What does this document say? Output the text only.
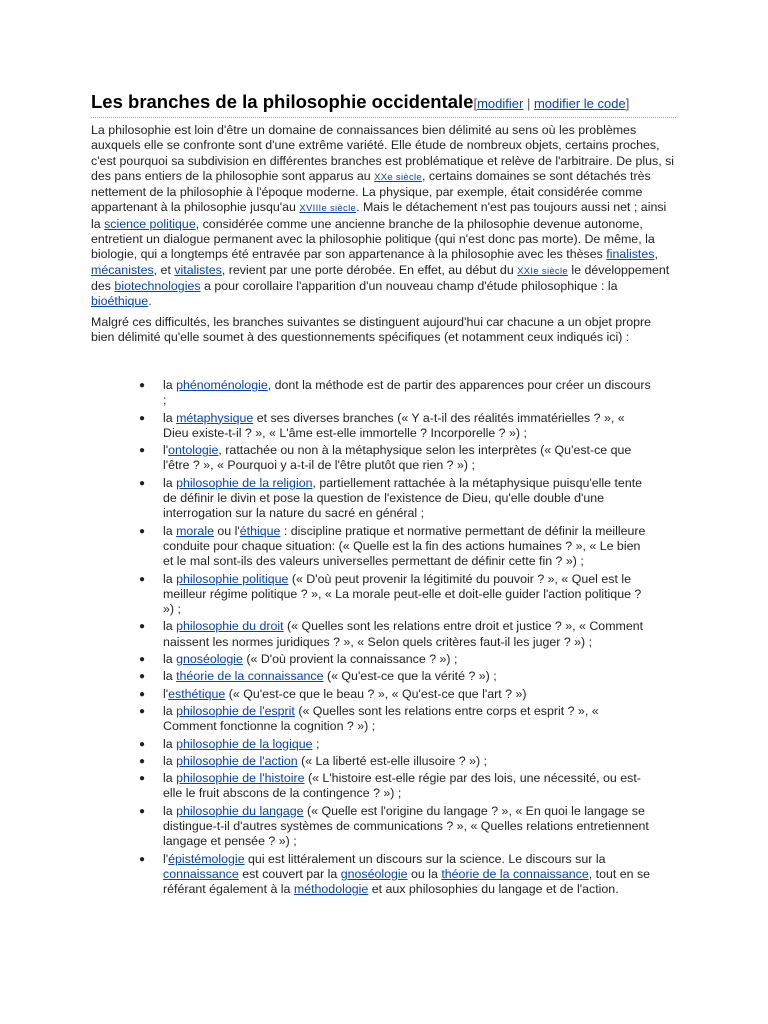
Les branches de la philosophie occidentale[modifier | modifier le code]

La philosophie est loin d'être un domaine de connaissances bien délimité au sens où les problèmes auxquels elle se confronte sont d'une extrême variété. Elle étude de nombreux objets, certains proches, c'est pourquoi sa subdivision en différentes branches est problématique et relève de l'arbitraire. De plus, si des pans entiers de la philosophie sont apparus au XXe siècle, certains domaines se sont détachés très nettement de la philosophie à l'époque moderne. La physique, par exemple, était considérée comme appartenant à la philosophie jusqu'au XVIIIe siècle. Mais le détachement n'est pas toujours aussi net ; ainsi la science politique, considérée comme une ancienne branche de la philosophie devenue autonome, entretient un dialogue permanent avec la philosophie politique (qui n'est donc pas morte). De même, la biologie, qui a longtemps été entravée par son appartenance à la philosophie avec les thèses finalistes, mécanistes, et vitalistes, revient par une porte dérobée. En effet, au début du XXIe siècle le développement des biotechnologies a pour corollaire l'apparition d'un nouveau champ d'étude philosophique : la bioéthique.

Malgré ces difficultés, les branches suivantes se distinguent aujourd'hui car chacune a un objet propre bien délimité qu'elle soumet à des questionnements spécifiques (et notamment ceux indiqués ici) :

● la phénoménologie, dont la méthode est de partir des apparences pour créer un discours ;
● la métaphysique et ses diverses branches (« Y a-t-il des réalités immatérielles ? », « Dieu existe-t-il ? », « L'âme est-elle immortelle ? Incorporelle ? ») ;
● l'ontologie, rattachée ou non à la métaphysique selon les interprètes (« Qu'est-ce que l'être ? », « Pourquoi y a-t-il de l'être plutôt que rien ? ») ;
● la philosophie de la religion, partiellement rattachée à la métaphysique puisqu'elle tente de définir le divin et pose la question de l'existence de Dieu, qu'elle double d'une interrogation sur la nature du sacré en général ;
● la morale ou l'éthique : discipline pratique et normative permettant de définir la meilleure conduite pour chaque situation: (« Quelle est la fin des actions humaines ? », « Le bien et le mal sont-ils des valeurs universelles permettant de définir cette fin ? ») ;
● la philosophie politique (« D'où peut provenir la légitimité du pouvoir ? », « Quel est le meilleur régime politique ? », « La morale peut-elle et doit-elle guider l'action politique ? ») ;
● la philosophie du droit (« Quelles sont les relations entre droit et justice ? », « Comment naissent les normes juridiques ? », « Selon quels critères faut-il les juger ? ») ;
● la gnoséologie (« D'où provient la connaissance ? ») ;
● la théorie de la connaissance (« Qu'est-ce que la vérité ? ») ;
● l'esthétique (« Qu'est-ce que le beau ? », « Qu'est-ce que l'art ? »)
● la philosophie de l'esprit (« Quelles sont les relations entre corps et esprit ? », « Comment fonctionne la cognition ? ») ;
● la philosophie de la logique ;
● la philosophie de l'action (« La liberté est-elle illusoire ? ») ;
● la philosophie de l'histoire (« L'histoire est-elle régie par des lois, une nécessité, ou est-elle le fruit abscons de la contingence ? ») ;
● la philosophie du langage (« Quelle est l'origine du langage ? », « En quoi le langage se distingue-t-il d'autres systèmes de communications ? », « Quelles relations entretiennent langage et pensée ? ») ;
● l'épistémologie qui est littéralement un discours sur la science. Le discours sur la connaissance est couvert par la gnoséologie ou la théorie de la connaissance, tout en se référant également à la méthodologie et aux philosophies du langage et de l'action.
